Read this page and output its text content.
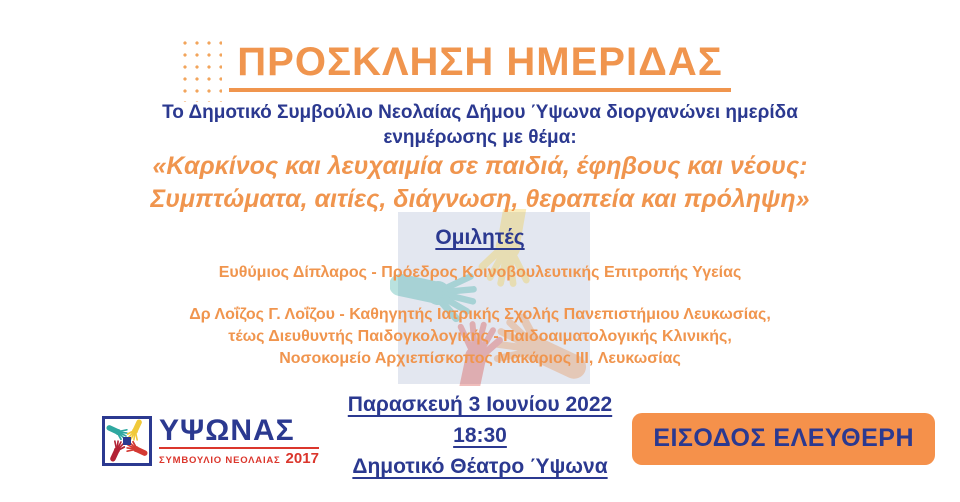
ΠΡΟΣΚΛΗΣΗ ΗΜΕΡΙΔΑΣ
Το Δημοτικό Συμβούλιο Νεολαίας Δήμου Ύψωνα διοργανώνει ημερίδα
ενημέρωσης με θέμα:
«Καρκίνος και λευχαιμία σε παιδιά, έφηβους και νέους:
Συμπτώματα, αιτίες, διάγνωση, θεραπεία και πρόληψη»
Ομιλητές
Ευθύμιος Δίπλαρος - Πρόεδρος Κοινοβουλευτικής Επιτροπής Υγείας
Δρ Λοΐζος Γ. Λοΐζου - Καθηγητής Ιατρικής Σχολής Πανεπιστήμιου Λευκωσίας,
τέως Διευθυντής Παιδογκολογικής - Παιδοαιματολογικής Κλινικής,
Νοσοκομείο Αρχιεπίσκοπος Μακάριος III, Λευκωσίας
Παρασκευή 3 Ιουνίου 2022
18:30
Δημοτικό Θέατρο Ύψωνα
ΥΨΩΝΑΣ
ΣΥΜΒΟΥΛΙΟ ΝΕΟΛΑΙΑΣ 2017
ΕΙΣΟΔΟΣ ΕΛΕΥΘΕΡΗ
